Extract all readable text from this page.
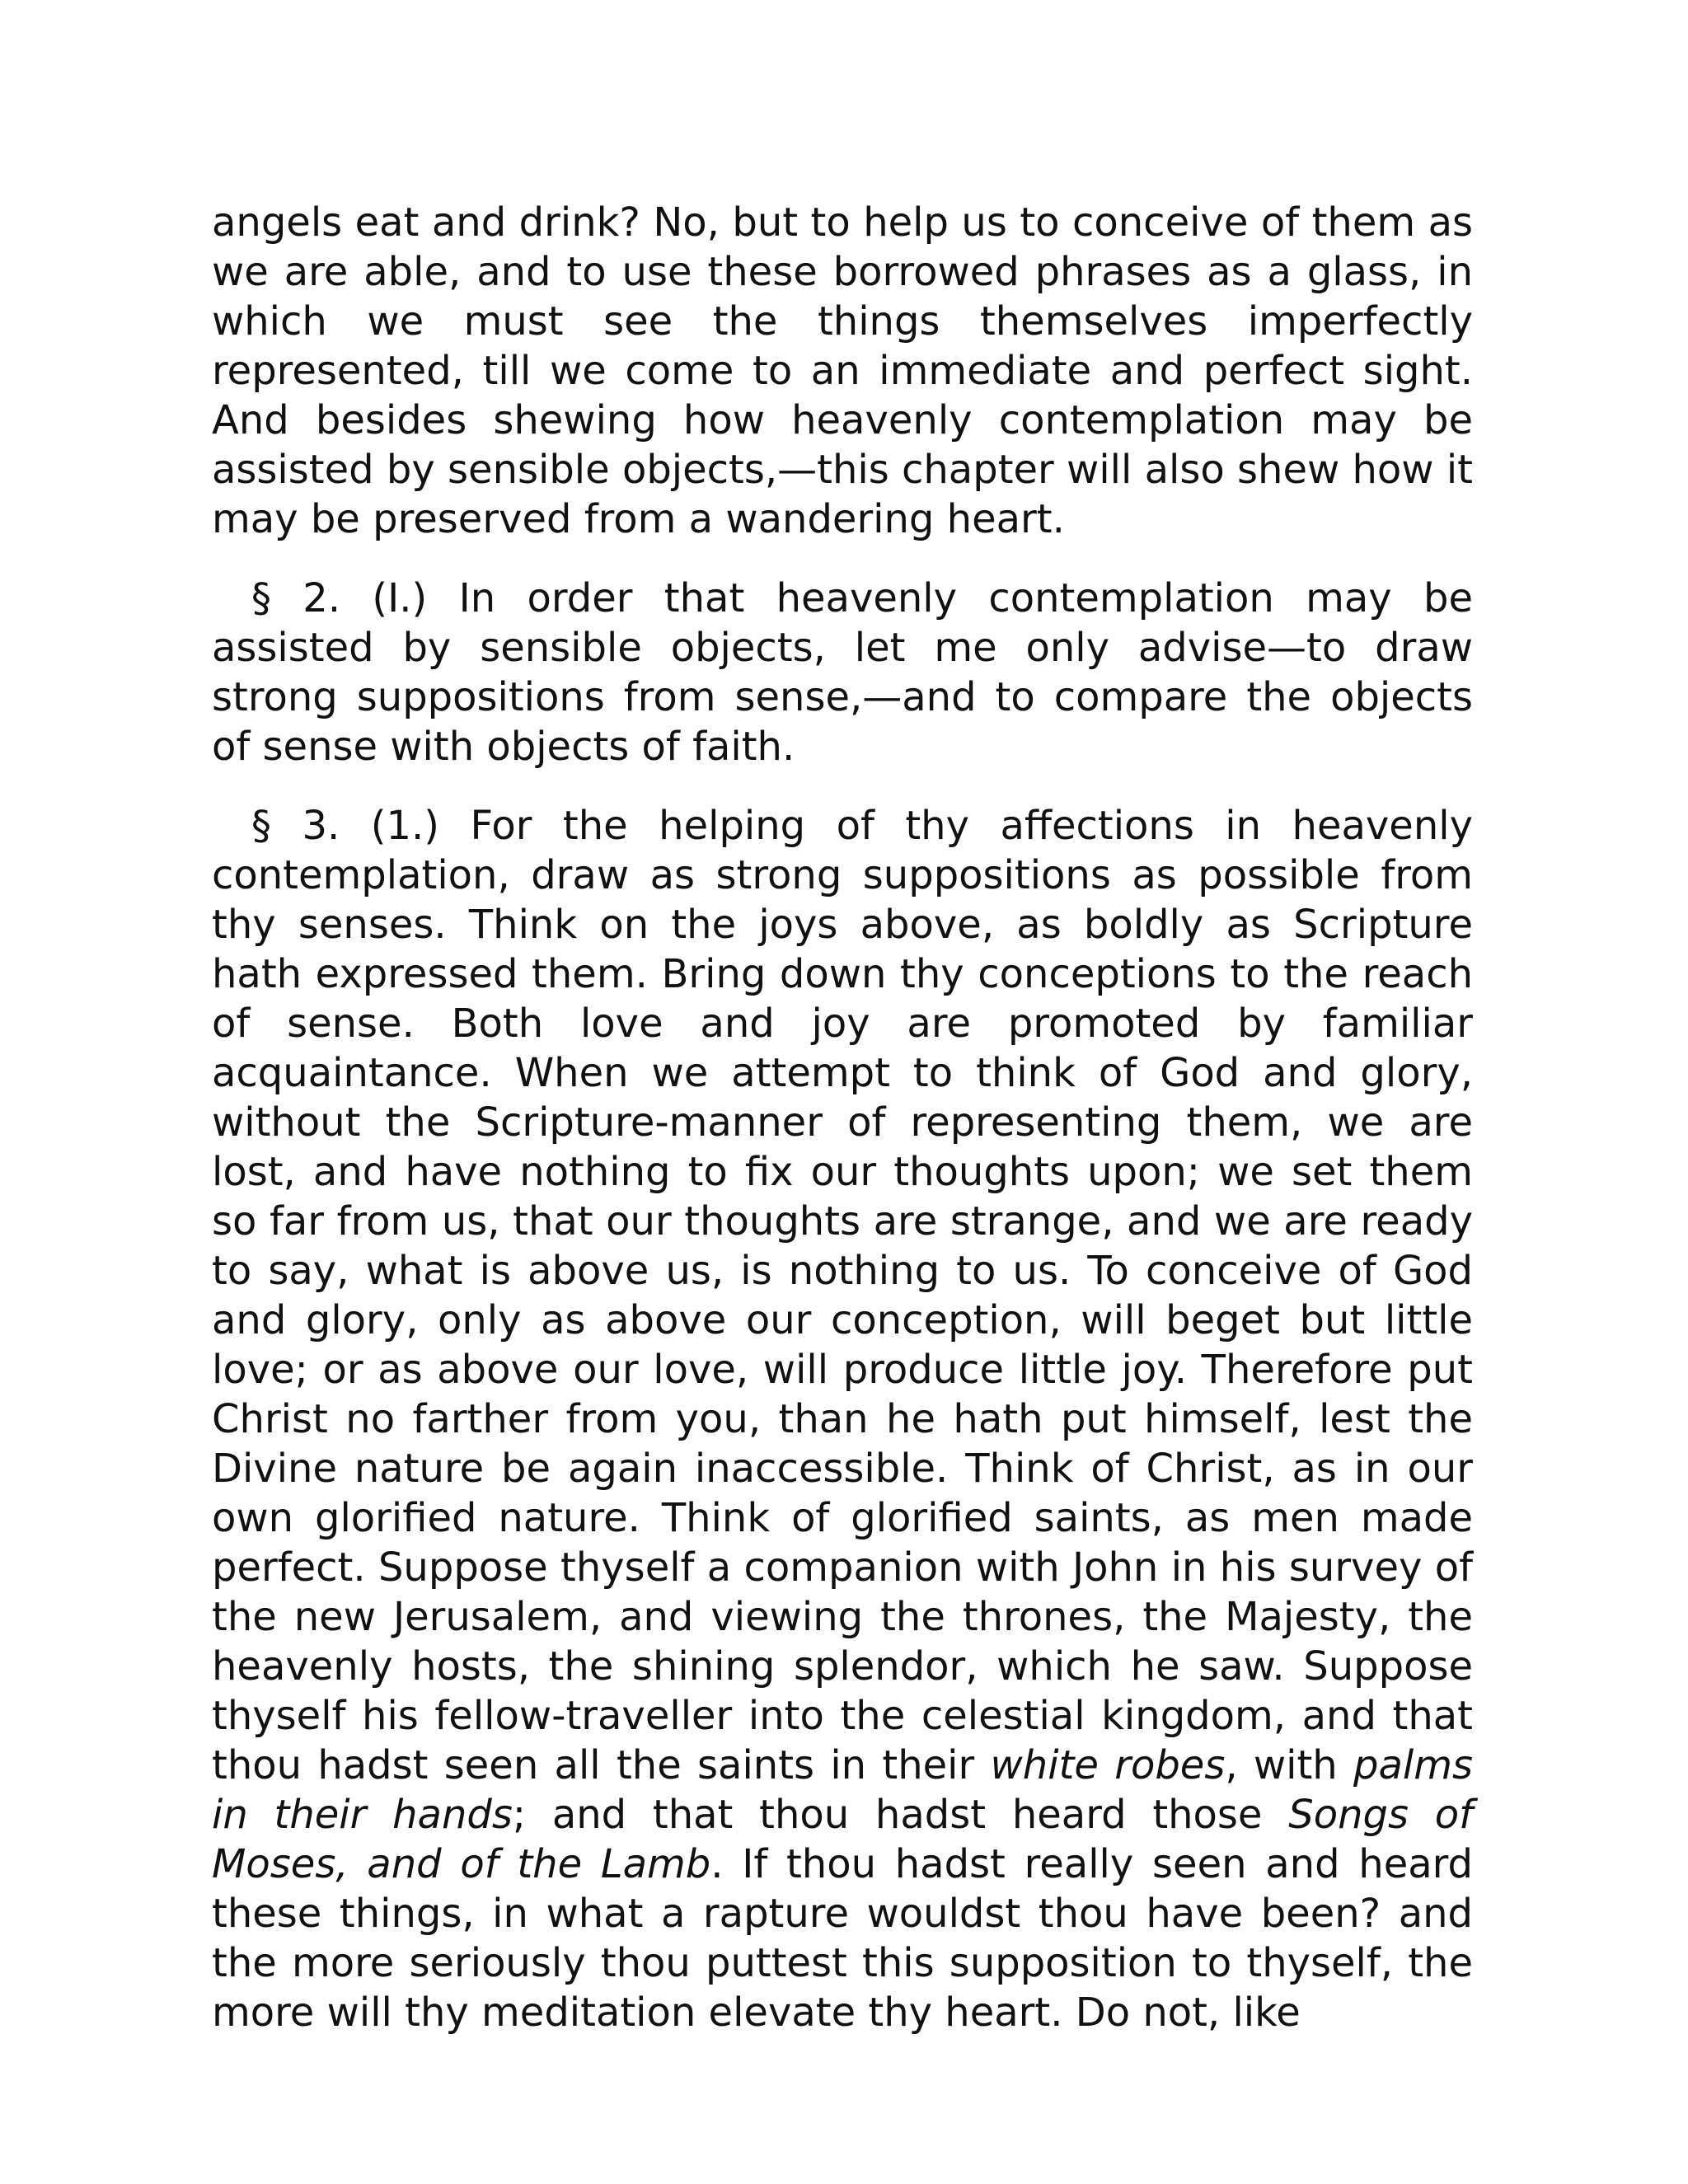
angels eat and drink? No, but to help us to conceive of them as we are able, and to use these borrowed phrases as a glass, in which we must see the things themselves imperfectly represented, till we come to an immediate and perfect sight. And besides shewing how heavenly contemplation may be assisted by sensible objects,—this chapter will also shew how it may be preserved from a wandering heart.

§ 2. (I.) In order that heavenly contemplation may be assisted by sensible objects, let me only advise—to draw strong suppositions from sense,—and to compare the objects of sense with objects of faith.

§ 3. (1.) For the helping of thy affections in heavenly contemplation, draw as strong suppositions as possible from thy senses. Think on the joys above, as boldly as Scripture hath expressed them. Bring down thy conceptions to the reach of sense. Both love and joy are promoted by familiar acquaintance. When we attempt to think of God and glory, without the Scripture-manner of representing them, we are lost, and have nothing to fix our thoughts upon; we set them so far from us, that our thoughts are strange, and we are ready to say, what is above us, is nothing to us. To conceive of God and glory, only as above our conception, will beget but little love; or as above our love, will produce little joy. Therefore put Christ no farther from you, than he hath put himself, lest the Divine nature be again inaccessible. Think of Christ, as in our own glorified nature. Think of glorified saints, as men made perfect. Suppose thyself a companion with John in his survey of the new Jerusalem, and viewing the thrones, the Majesty, the heavenly hosts, the shining splendor, which he saw. Suppose thyself his fellow-traveller into the celestial kingdom, and that thou hadst seen all the saints in their white robes, with palms in their hands; and that thou hadst heard those Songs of Moses, and of the Lamb. If thou hadst really seen and heard these things, in what a rapture wouldst thou have been? and the more seriously thou puttest this supposition to thyself, the more will thy meditation elevate thy heart. Do not, like
